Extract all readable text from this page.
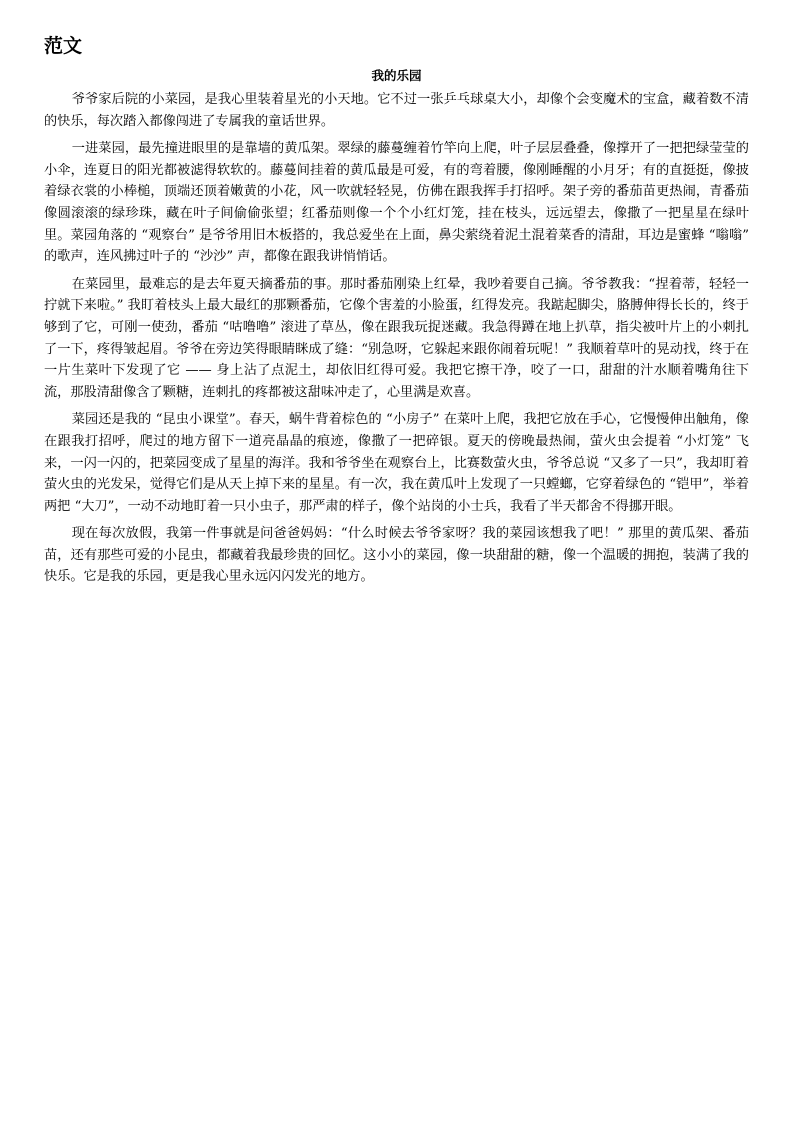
范文
我的乐园

爷爷家后院的小菜园，是我心里装着星光的小天地。它不过一张乒乓球桌大小，却像个会变魔术的宝盒，藏着数不清的快乐，每次踏入都像闯进了专属我的童话世界。

一进菜园，最先撞进眼里的是靠墙的黄瓜架。翠绿的藤蔓缠着竹竿向上爬，叶子层层叠叠，像撑开了一把把绿莹莹的小伞，连夏日的阳光都被滤得软软的。藤蔓间挂着的黄瓜最是可爱，有的弯着腰，像刚睡醒的小月牙；有的直挺挺，像披着绿衣裳的小棒槌，顶端还顶着嫩黄的小花，风一吹就轻轻晃，仿佛在跟我挥手打招呼。架子旁的番茄苗更热闹，青番茄像圆滚滚的绿珍珠，藏在叶子间偷偷张望；红番茄则像一个个小红灯笼，挂在枝头，远远望去，像撒了一把星星在绿叶里。菜园角落的 “观察台” 是爷爷用旧木板搭的，我总爱坐在上面，鼻尖萦绕着泥土混着菜香的清甜，耳边是蜜蜂 “嗡嗡” 的歌声，连风拂过叶子的 “沙沙” 声，都像在跟我讲悄悄话。

在菜园里，最难忘的是去年夏天摘番茄的事。那时番茄刚染上红晕，我吵着要自己摘。爷爷教我：“捏着蒂，轻轻一拧就下来啦。” 我盯着枝头上最大最红的那颗番茄，它像个害羞的小脸蛋，红得发亮。我踮起脚尖，胳膊伸得长长的，终于够到了它，可刚一使劲，番茄 “咕噜噜” 滚进了草丛，像在跟我玩捉迷藏。我急得蹲在地上扒草，指尖被叶片上的小刺扎了一下，疼得皱起眉。爷爷在旁边笑得眼睛眯成了缝：“别急呀，它躲起来跟你闹着玩呢！” 我顺着草叶的晃动找，终于在一片生菜叶下发现了它 —— 身上沾了点泥土，却依旧红得可爱。我把它擦干净，咬了一口，甜甜的汁水顺着嘴角往下流，那股清甜像含了颗糖，连刺扎的疼都被这甜味冲走了，心里满是欢喜。

菜园还是我的 “昆虫小课堂”。春天，蜗牛背着棕色的 “小房子” 在菜叶上爬，我把它放在手心，它慢慢伸出触角，像在跟我打招呼，爬过的地方留下一道亮晶晶的痕迹，像撒了一把碎银。夏天的傍晚最热闹，萤火虫会提着 “小灯笼” 飞来，一闪一闪的，把菜园变成了星星的海洋。我和爷爷坐在观察台上，比赛数萤火虫，爷爷总说 “又多了一只”，我却盯着萤火虫的光发呆，觉得它们是从天上掉下来的星星。有一次，我在黄瓜叶上发现了一只螳螂，它穿着绿色的 “铠甲”，举着两把 “大刀”，一动不动地盯着一只小虫子，那严肃的样子，像个站岗的小士兵，我看了半天都舍不得挪开眼。

现在每次放假，我第一件事就是问爸爸妈妈：“什么时候去爷爷家呀？我的菜园该想我了吧！” 那里的黄瓜架、番茄苗，还有那些可爱的小昆虫，都藏着我最珍贵的回忆。这小小的菜园，像一块甜甜的糖，像一个温暖的拥抱，装满了我的快乐。它是我的乐园，更是我心里永远闪闪发光的地方。
